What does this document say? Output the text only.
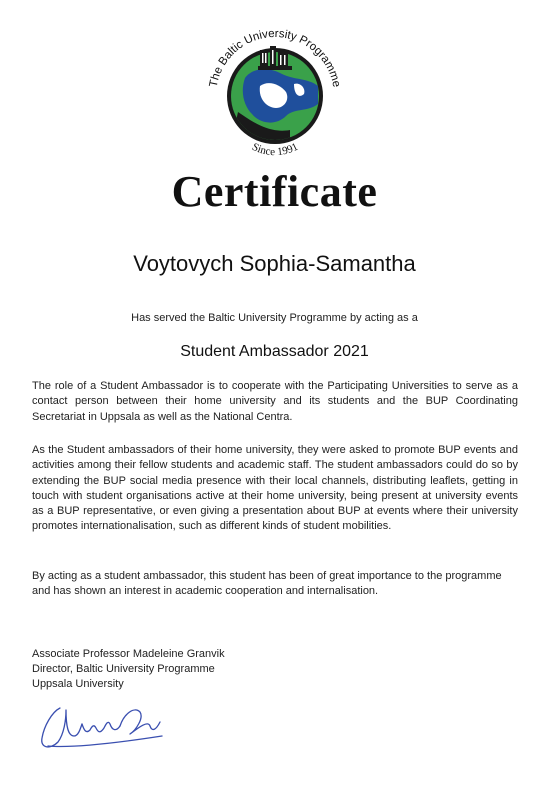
The Baltic University Programme
Since 1991
Certificate
Voytovych Sophia-Samantha
Has served the Baltic University Programme by acting as a
Student Ambassador 2021

The role of a Student Ambassador is to cooperate with the Participating Universities to serve as a contact person between their home university and its students and the BUP Coordinating Secretariat in Uppsala as well as the National Centra.

As the Student ambassadors of their home university, they were asked to promote BUP events and activities among their fellow students and academic staff. The student ambassadors could do so by extending the BUP social media presence with their local channels, distributing leaflets, getting in touch with student organisations active at their home university, being present at university events as a BUP representative, or even giving a presentation about BUP at events where their university promotes internationalisation, such as different kinds of student mobilities.

By acting as a student ambassador, this student has been of great importance to the programme and has shown an interest in academic cooperation and internalisation.

Associate Professor Madeleine Granvik
Director, Baltic University Programme
Uppsala University
